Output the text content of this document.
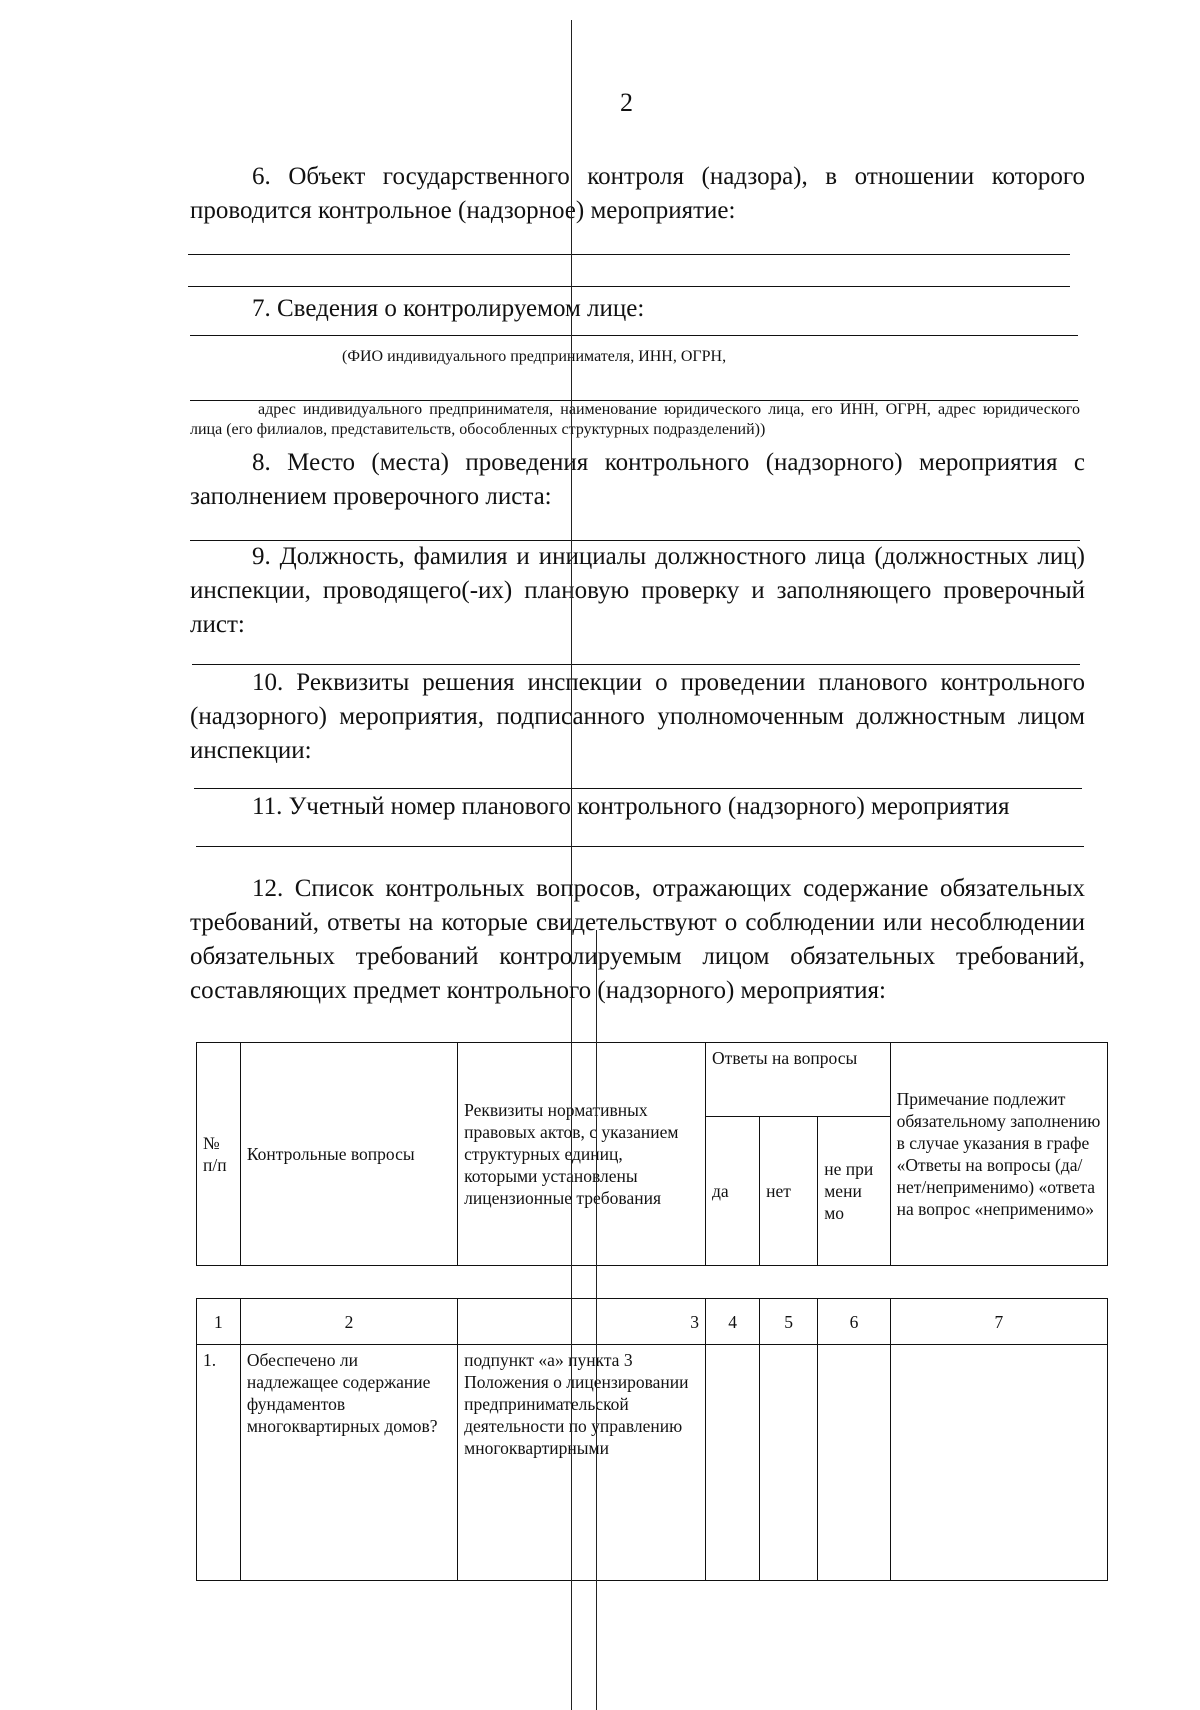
2
6. Объект государственного контроля (надзора), в отношении которого проводится контрольное (надзорное) мероприятие:
7. Сведения о контролируемом лице:
(ФИО индивидуального предпринимателя, ИНН, ОГРН,
адрес индивидуального предпринимателя, наименование юридического лица, его ИНН, ОГРН, адрес юридического лица (его филиалов, представительств, обособленных структурных подразделений))
8. Место (места) проведения контрольного (надзорного) мероприятия с заполнением проверочного листа:
9. Должность, фамилия и инициалы должностного лица (должностных лиц) инспекции, проводящего(-их) плановую проверку и заполняющего проверочный лист:
10. Реквизиты решения инспекции о проведении планового контрольного (надзорного) мероприятия, подписанного уполномоченным должностным лицом инспекции:
11. Учетный номер планового контрольного (надзорного) мероприятия
12. Список контрольных вопросов, отражающих содержание обязательных требований, ответы на которые свидетельствуют о соблюдении или несоблюдении обязательных требований контролируемым лицом обязательных требований, составляющих предмет контрольного (надзорного) мероприятия:
№ п/п	Контрольные вопросы	Реквизиты нормативных правовых актов, с указанием структурных единиц, которыми установлены лицензионные требования	Ответы на вопросы			Примечание подлежит обязательному заполнению в случае указания в графе «Ответы на вопросы (да/нет/неприменимо) «ответа на вопрос «неприменимо»
			да	нет	не при мени мо	
1	2	3	4	5	6	7
1.	Обеспечено ли надлежащее содержание фундаментов многоквартирных домов?	подпункт «а» пункта 3 Положения о лицензировании предпринимательской деятельности по управлению многоквартирными				
